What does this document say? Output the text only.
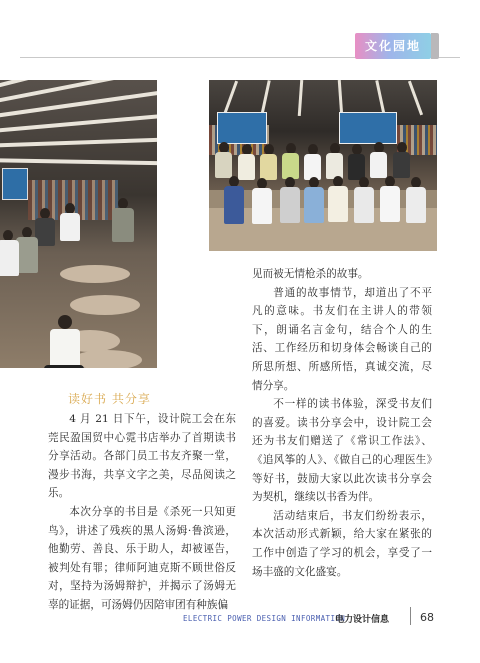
文化园地
读好书 共分享

4 月 21 日下午，设计院工会在东莞民盈国贸中心霓书店举办了首期读书分享活动。各部门员工书友齐聚一堂，漫步书海，共享文字之美，尽品阅读之乐。

本次分享的书目是《杀死一只知更鸟》，讲述了残疾的黑人汤姆·鲁滨逊，他勤劳、善良、乐于助人，却被诬告，被判处有罪；律师阿迪克斯不顾世俗反对，坚持为汤姆辩护，并揭示了汤姆无辜的证据，可汤姆仍因陪审团有种族偏

见而被无情枪杀的故事。

普通的故事情节，却道出了不平凡的意味。书友们在主讲人的带领下，朗诵名言金句，结合个人的生活、工作经历和切身体会畅谈自己的所思所想、所感所悟，真诚交流，尽情分享。

不一样的读书体验，深受书友们的喜爱。读书分享会中，设计院工会还为书友们赠送了《常识工作法》、《追风筝的人》、《做自己的心理医生》等好书，鼓励大家以此次读书分享会为契机，继续以书香为伴。

活动结束后，书友们纷纷表示，本次活动形式新颖，给大家在紧张的工作中创造了学习的机会，享受了一场丰盛的文化盛宴。

ELECTRIC POWER DESIGN INFORMATION
电力设计信息	68
